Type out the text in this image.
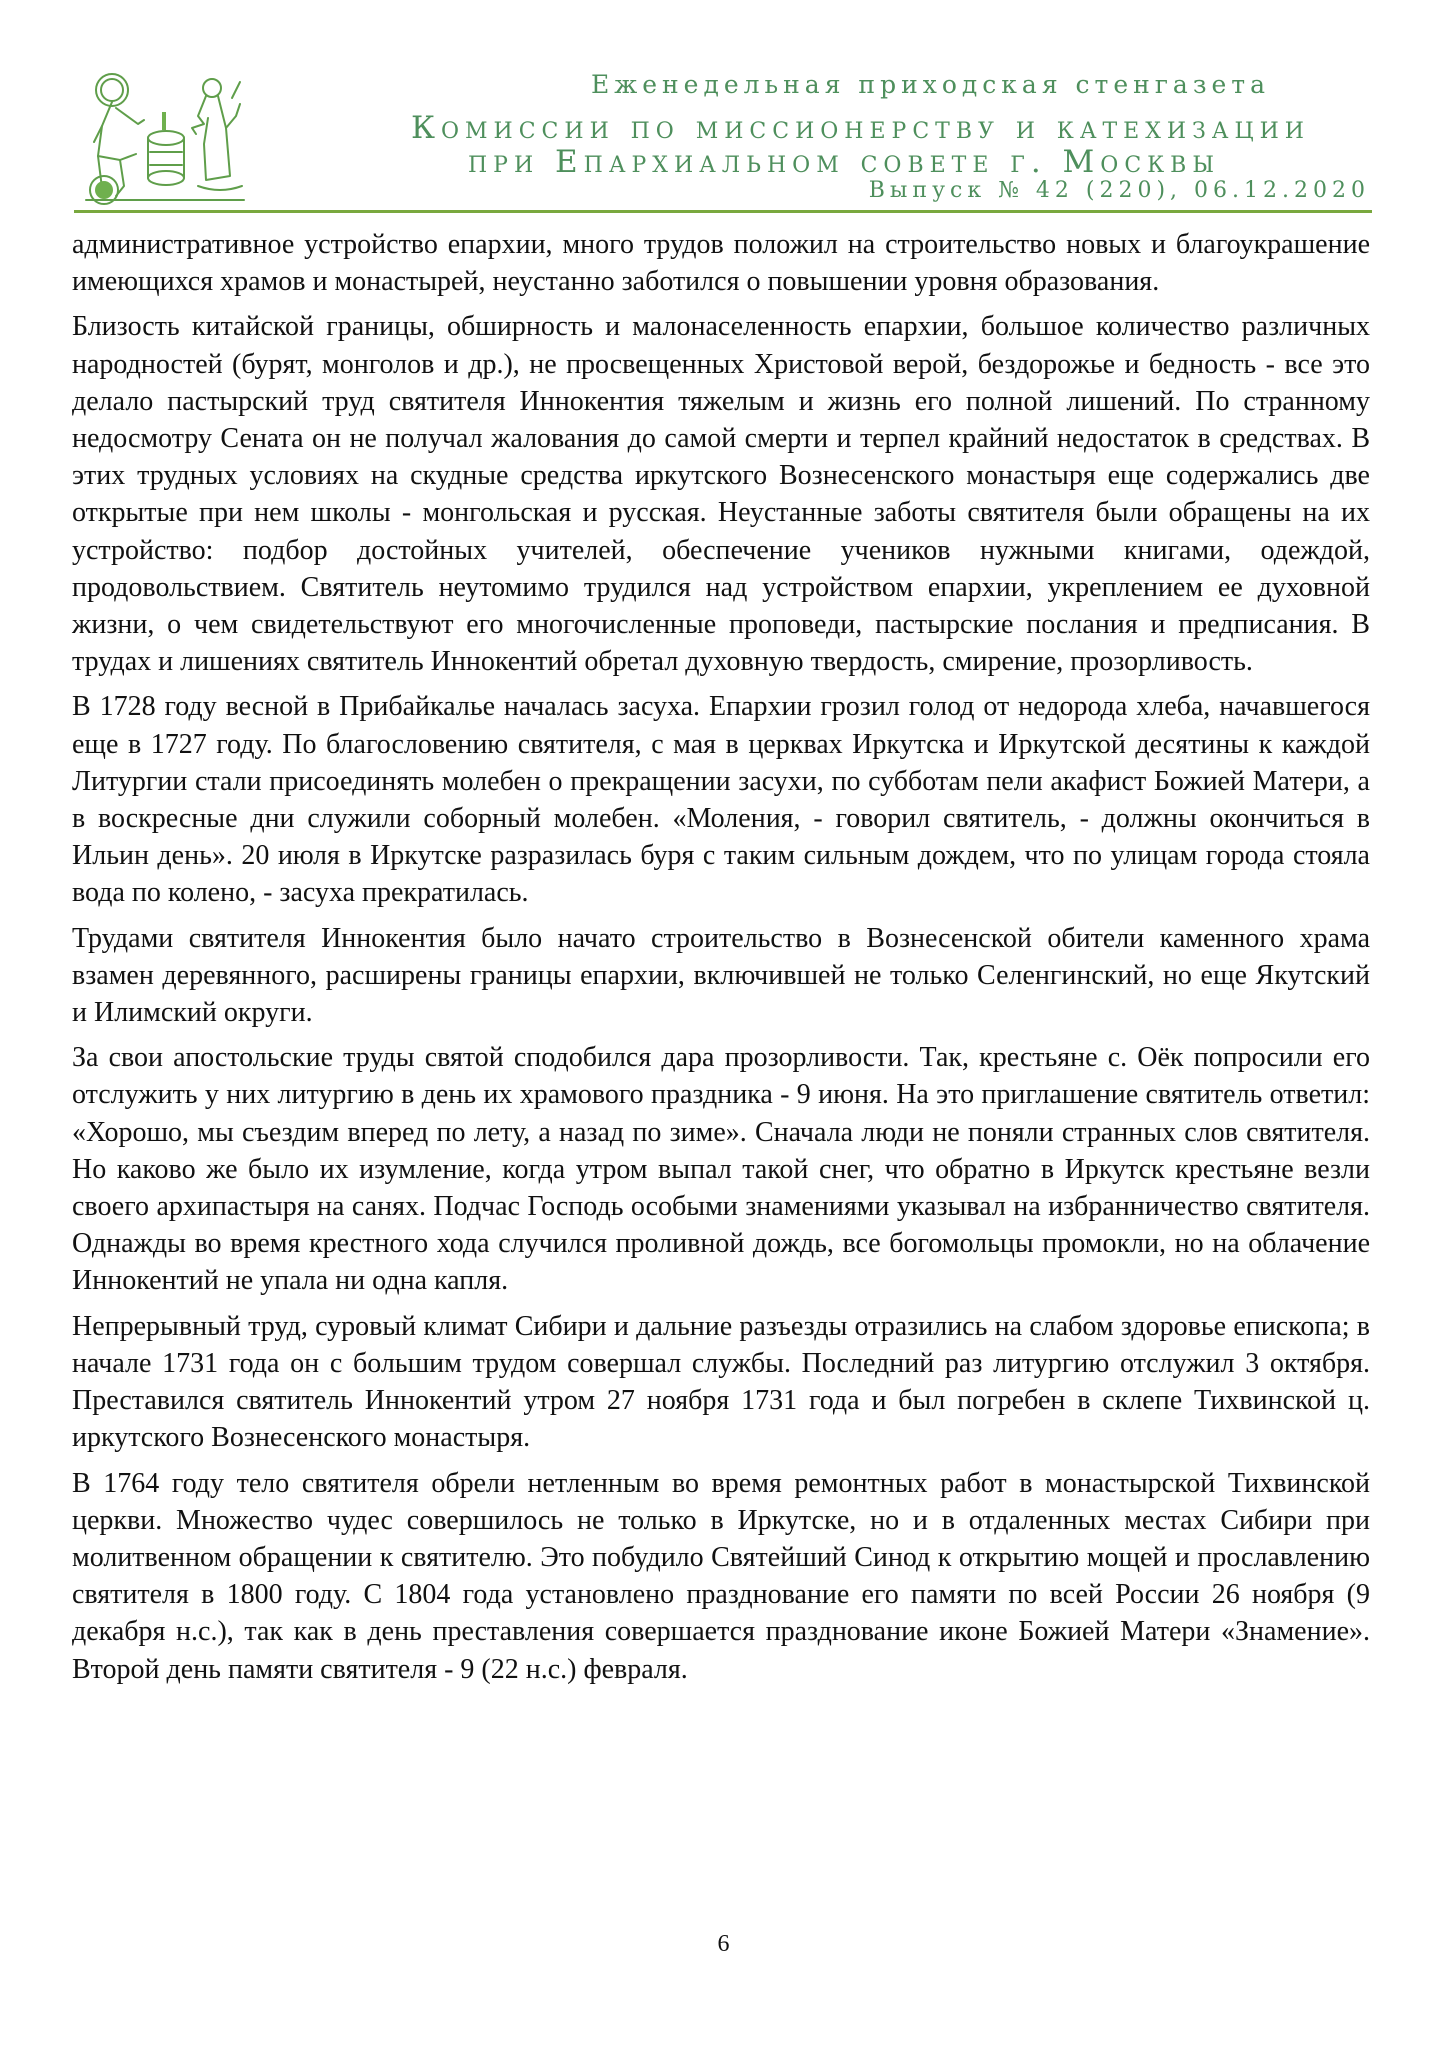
Еженедельная приходская стенгазета
Комиссии по миссионерству и катехизации
при Епархиальном совете г. Москвы
Выпуск № 42 (220), 06.12.2020

административное устройство епархии, много трудов положил на строительство новых и благоукрашение имеющихся храмов и монастырей, неустанно заботился о повышении уровня образования.

Близость китайской границы, обширность и малонаселенность епархии, большое количество различных народностей (бурят, монголов и др.), не просвещенных Христовой верой, бездорожье и бедность - все это делало пастырский труд святителя Иннокентия тяжелым и жизнь его полной лишений. По странному недосмотру Сената он не получал жалования до самой смерти и терпел крайний недостаток в средствах. В этих трудных условиях на скудные средства иркутского Вознесенского монастыря еще содержались две открытые при нем школы - монгольская и русская. Неустанные заботы святителя были обращены на их устройство: подбор достойных учителей, обеспечение учеников нужными книгами, одеждой, продовольствием. Святитель неутомимо трудился над устройством епархии, укреплением ее духовной жизни, о чем свидетельствуют его многочисленные проповеди, пастырские послания и предписания. В трудах и лишениях святитель Иннокентий обретал духовную твердость, смирение, прозорливость.

В 1728 году весной в Прибайкалье началась засуха. Епархии грозил голод от недорода хлеба, начавшегося еще в 1727 году. По благословению святителя, с мая в церквах Иркутска и Иркутской десятины к каждой Литургии стали присоединять молебен о прекращении засухи, по субботам пели акафист Божией Матери, а в воскресные дни служили соборный молебен. «Моления, - говорил святитель, - должны окончиться в Ильин день». 20 июля в Иркутске разразилась буря с таким сильным дождем, что по улицам города стояла вода по колено, - засуха прекратилась.

Трудами святителя Иннокентия было начато строительство в Вознесенской обители каменного храма взамен деревянного, расширены границы епархии, включившей не только Селенгинский, но еще Якутский и Илимский округи.

За свои апостольские труды святой сподобился дара прозорливости. Так, крестьяне с. Оёк попросили его отслужить у них литургию в день их храмового праздника - 9 июня. На это приглашение святитель ответил: «Хорошо, мы съездим вперед по лету, а назад по зиме». Сначала люди не поняли странных слов святителя. Но каково же было их изумление, когда утром выпал такой снег, что обратно в Иркутск крестьяне везли своего архипастыря на санях. Подчас Господь особыми знамениями указывал на избранничество святителя. Однажды во время крестного хода случился проливной дождь, все богомольцы промокли, но на облачение Иннокентий не упала ни одна капля.

Непрерывный труд, суровый климат Сибири и дальние разъезды отразились на слабом здоровье епископа; в начале 1731 года он с большим трудом совершал службы. Последний раз литургию отслужил 3 октября. Преставился святитель Иннокентий утром 27 ноября 1731 года и был погребен в склепе Тихвинской ц. иркутского Вознесенского монастыря.

В 1764 году тело святителя обрели нетленным во время ремонтных работ в монастырской Тихвинской церкви. Множество чудес совершилось не только в Иркутске, но и в отдаленных местах Сибири при молитвенном обращении к святителю. Это побудило Святейший Синод к открытию мощей и прославлению святителя в 1800 году. С 1804 года установлено празднование его памяти по всей России 26 ноября (9 декабря н.с.), так как в день преставления совершается празднование иконе Божией Матери «Знамение». Второй день памяти святителя - 9 (22 н.с.) февраля.

6
